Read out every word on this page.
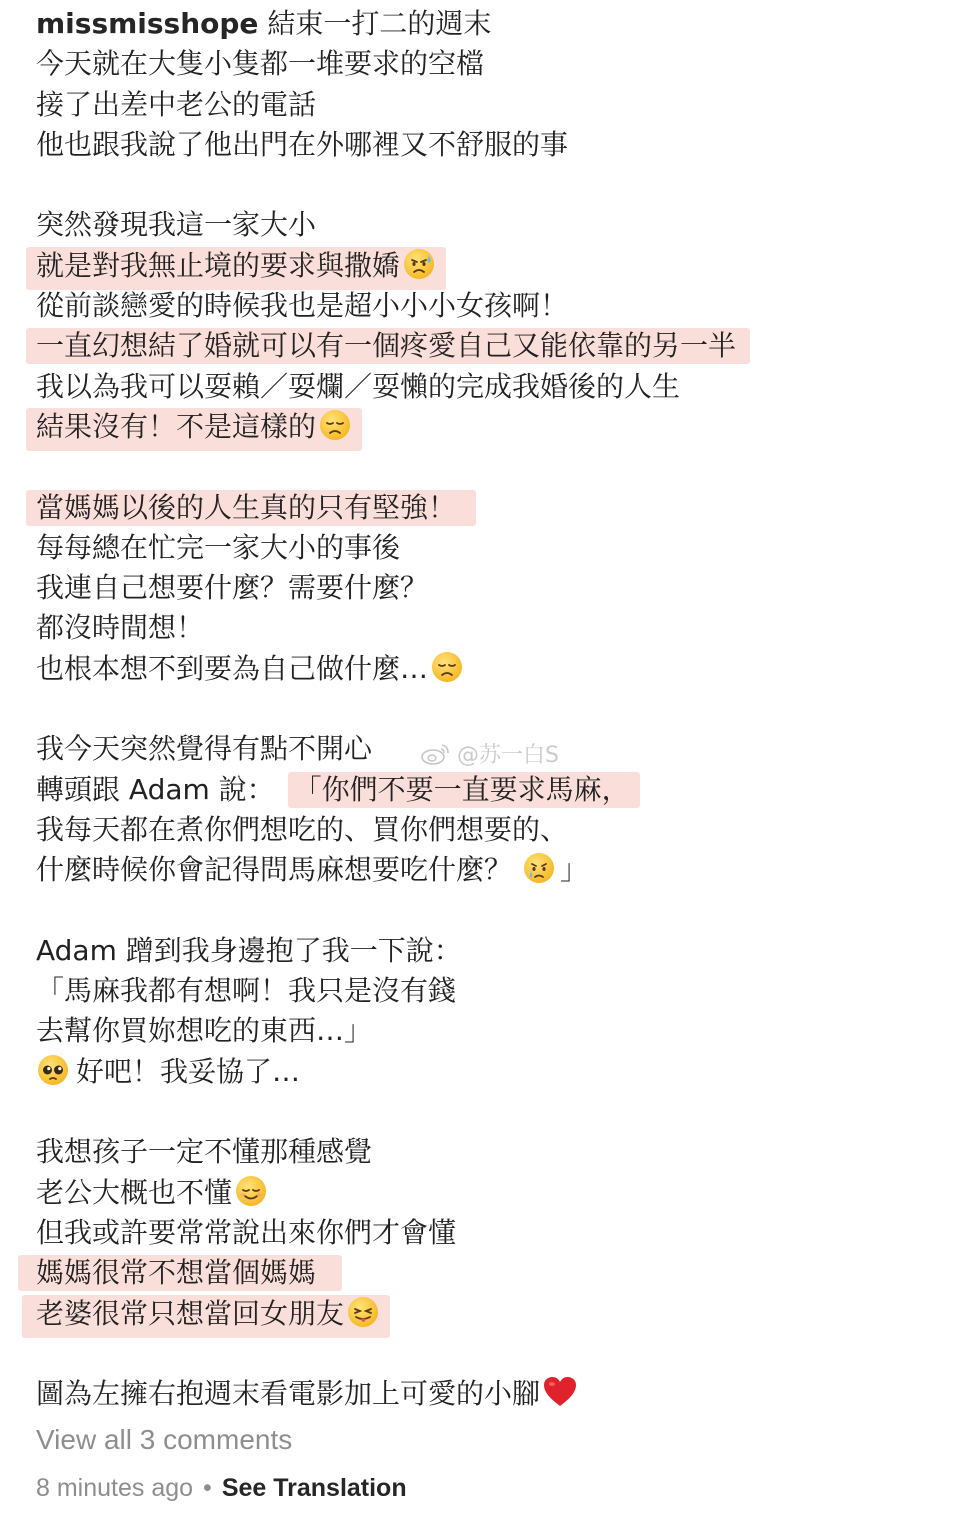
missmisshope 結束一打二的週末
今天就在大隻小隻都一堆要求的空檔
接了出差中老公的電話
他也跟我說了他出門在外哪裡又不舒服的事
突然發現我這一家大小
就是對我無止境的要求與撒嬌
從前談戀愛的時候我也是超小小小女孩啊！
一直幻想結了婚就可以有一個疼愛自己又能依靠的另一半
我以為我可以耍賴／耍爛／耍懶的完成我婚後的人生
結果沒有！不是這樣的
當媽媽以後的人生真的只有堅強！
每每總在忙完一家大小的事後
我連自己想要什麼？需要什麼？
都沒時間想！
也根本想不到要為自己做什麼…
我今天突然覺得有點不開心
轉頭跟 Adam 說： 「你們不要一直要求馬麻，
我每天都在煮你們想吃的、買你們想要的、
什麼時候你會記得問馬麻想要吃什麼？ 」
Adam 蹭到我身邊抱了我一下說：
「馬麻我都有想啊！我只是沒有錢
去幫你買妳想吃的東西…」
好吧！我妥協了…
我想孩子一定不懂那種感覺
老公大概也不懂
但我或許要常常說出來你們才會懂
媽媽很常不想當個媽媽
老婆很常只想當回女朋友
圖為左擁右抱週末看電影加上可愛的小腳
@苏一白S
View all 3 comments
8 minutes ago • See Translation
